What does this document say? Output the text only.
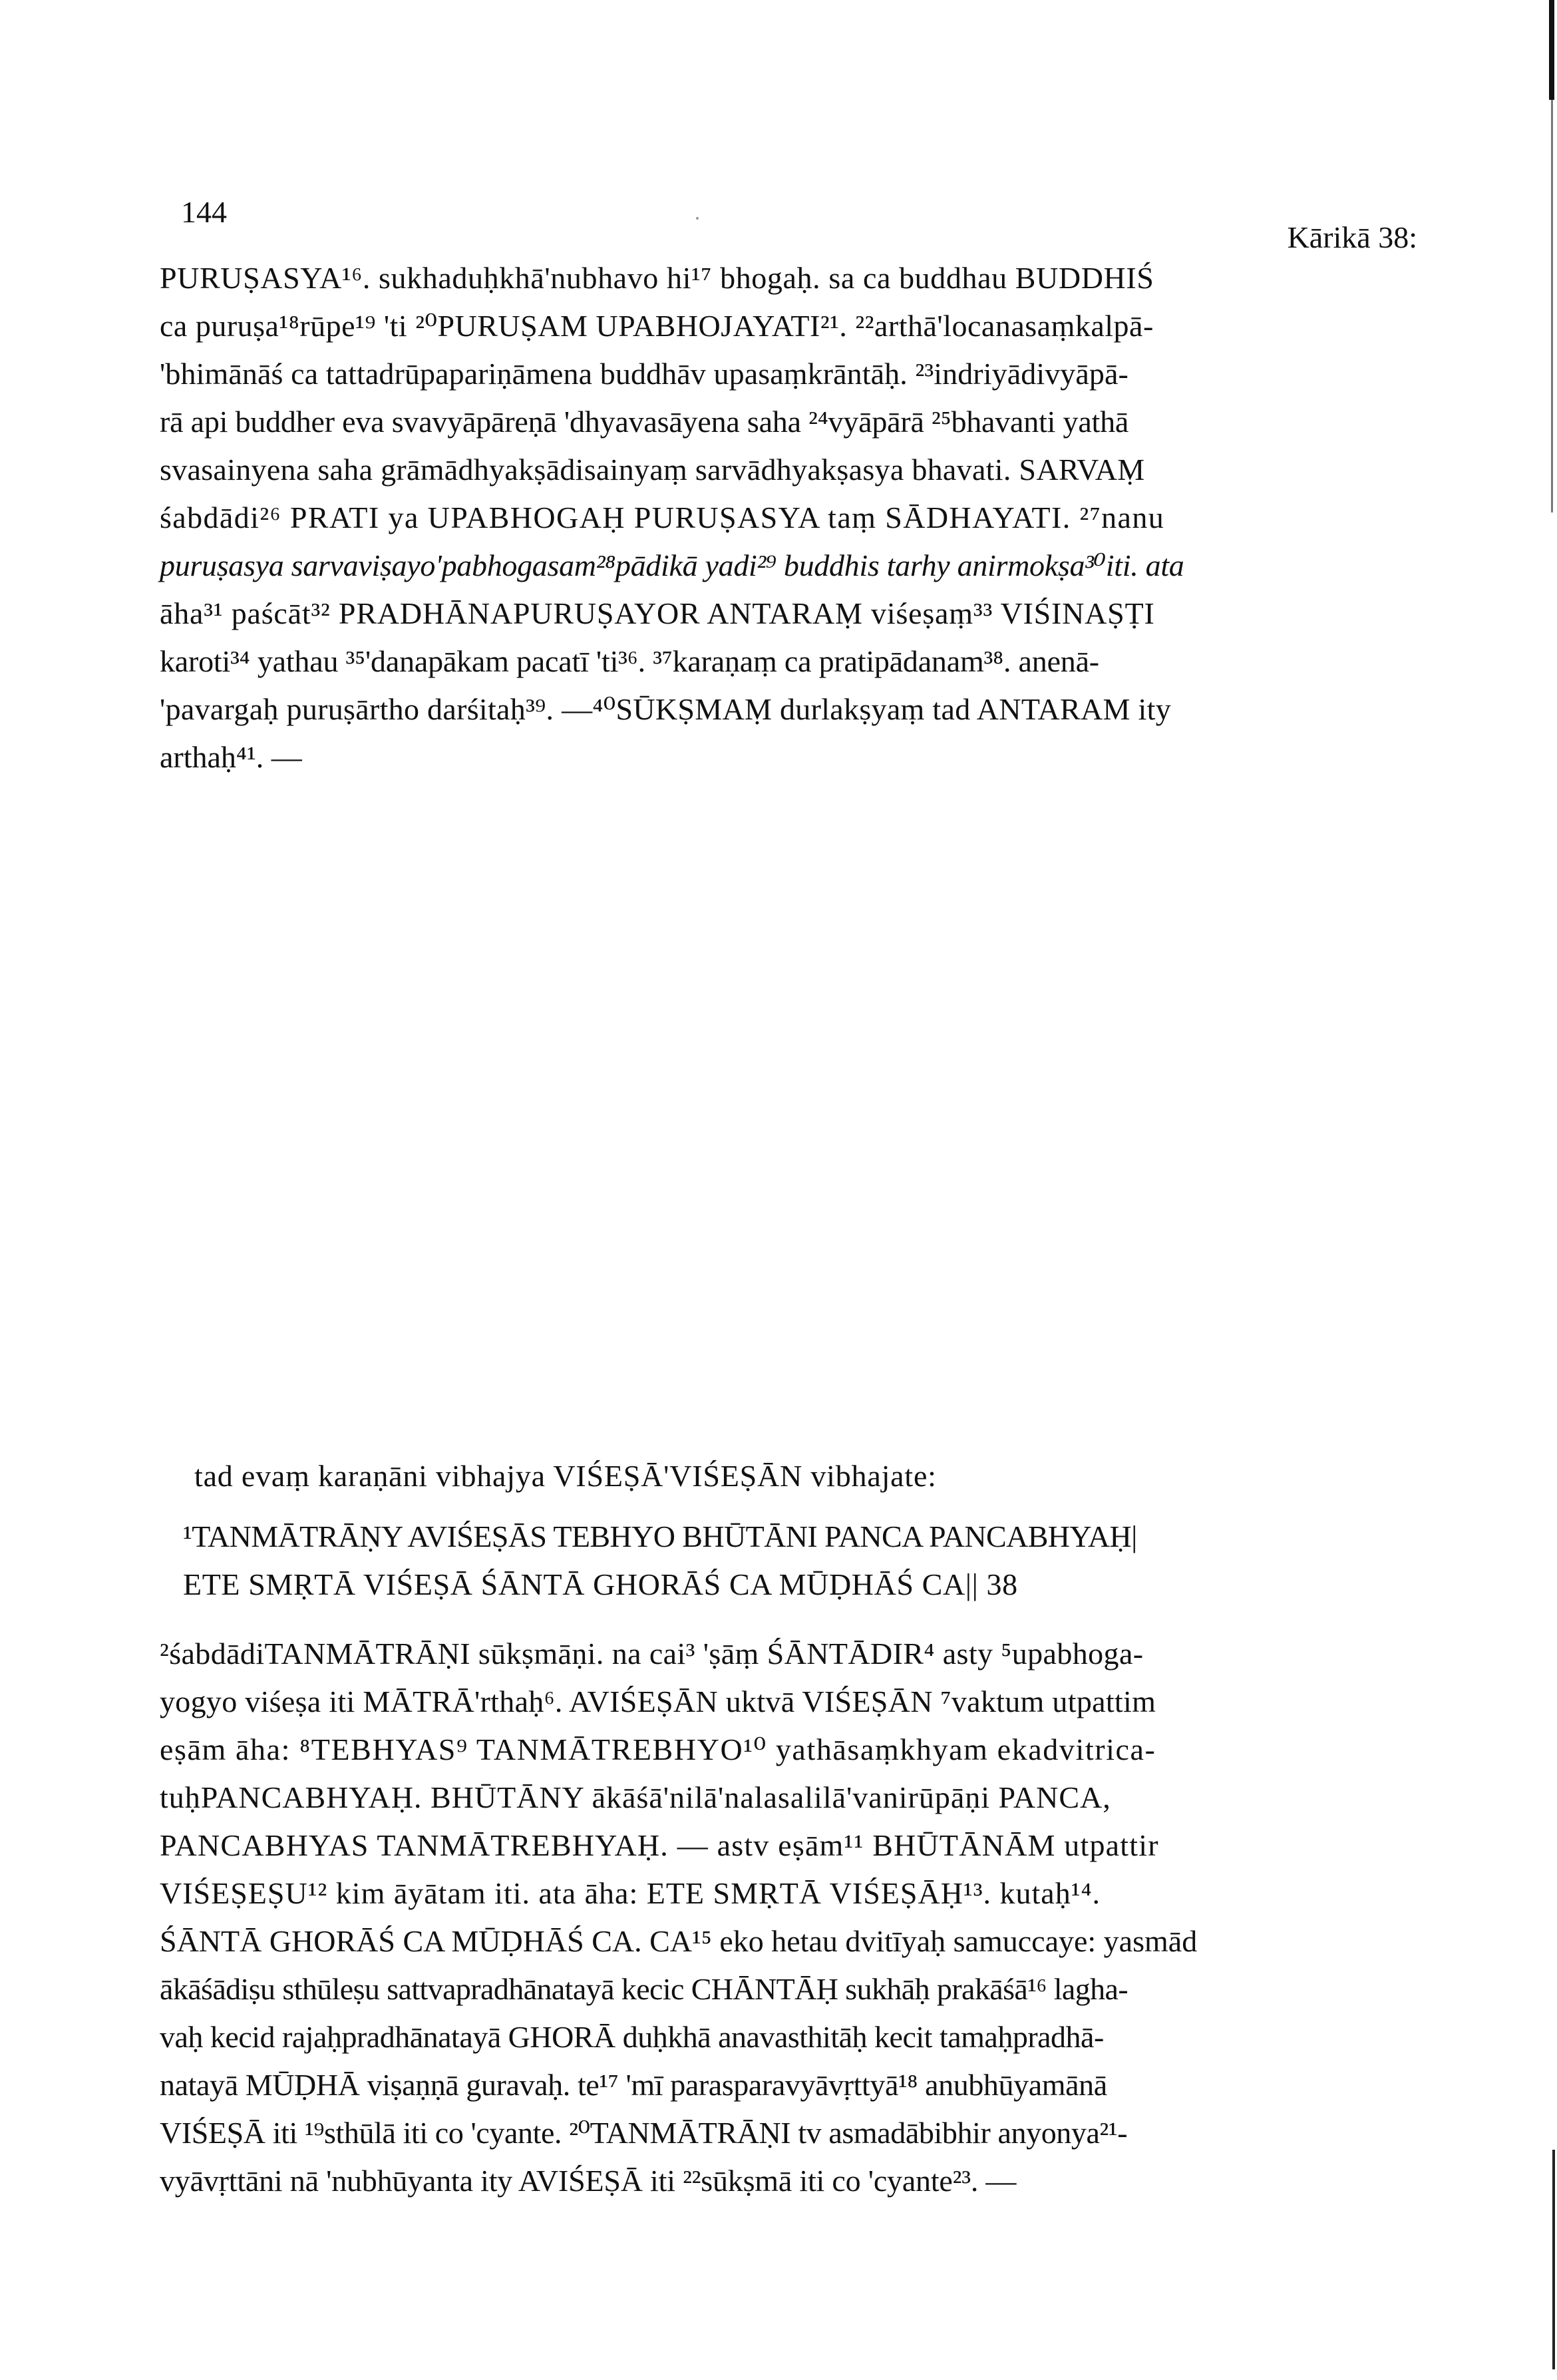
144
Kārikā 38:
PURUṢASYA¹⁶. sukhaduḥkhā'nubhavo hi¹⁷ bhogaḥ. sa ca buddhau BUDDHIŚ
ca puruṣa¹⁸rūpe¹⁹ 'ti ²⁰PURUṢAM UPABHOJAYATI²¹. ²²arthā'locanasaṃkalpā-
'bhimānāś ca tattadrūpapariṇāmena buddhāv upasaṃkrāntāḥ. ²³indriyādivyāpā-
rā api buddher eva svavyāpāreṇā 'dhyavasāyena saha ²⁴vyāpārā ²⁵bhavanti yathā
svasainyena saha grāmādhyakṣādisainyaṃ sarvādhyakṣasya bhavati. SARVAṂ
śabdādi²⁶ PRATI ya UPABHOGAḤ PURUṢASYA taṃ SĀDHAYATI. ²⁷nanu
puruṣasya sarvaviṣayo'pabhogasam²⁸pādikā yadi²⁹ buddhis tarhy anirmokṣa³⁰iti. ata
āha³¹ paścāt³² PRADHĀNAPURUṢAYOR ANTARAṂ viśeṣaṃ³³ VIŚINAṢṬI
karoti³⁴ yathau ³⁵'danapākam pacatī 'ti³⁶. ³⁷karaṇaṃ ca pratipādanam³⁸. anenā-
'pavargaḥ puruṣārtho darśitaḥ³⁹. —⁴⁰SŪKṢMAṂ durlakṣyaṃ tad ANTARAM ity
arthaḥ⁴¹. —
tad evaṃ karaṇāni vibhajya VIŚEṢĀ'VIŚEṢĀN vibhajate:
¹TANMĀTRĀṆY AVIŚEṢĀS TEBHYO BHŪTĀNI PANCA PANCABHYAḤ|
ETE SMṚTĀ VIŚEṢĀ ŚĀNTĀ GHORĀŚ CA MŪḌHĀŚ CA|| 38
²śabdādiTANMĀTRĀṆI sūkṣmāṇi. na cai³ 'ṣāṃ ŚĀNTĀDIR⁴ asty ⁵upabhoga-
yogyo viśeṣa iti MĀTRĀ'rthaḥ⁶. AVIŚEṢĀN uktvā VIŚEṢĀN ⁷vaktum utpattim
eṣām āha: ⁸TEBHYAS⁹ TANMĀTREBHYO¹⁰ yathāsaṃkhyam ekadvitrica-
tuḥPANCABHYAḤ. BHŪTĀNY ākāśā'nilā'nalasalilā'vanirūpāṇi PANCA,
PANCABHYAS TANMĀTREBHYAḤ. — astv eṣām¹¹ BHŪTĀNĀM utpattir
VIŚEṢEṢU¹² kim āyātam iti. ata āha: ETE SMṚTĀ VIŚEṢĀḤ¹³. kutaḥ¹⁴.
ŚĀNTĀ GHORĀŚ CA MŪḌHĀŚ CA. CA¹⁵ eko hetau dvitīyaḥ samuccaye: yasmād
ākāśādiṣu sthūleṣu sattvapradhānatayā kecic CHĀNTĀḤ sukhāḥ prakāśā¹⁶ lagha-
vaḥ kecid rajaḥpradhānatayā GHORĀ duḥkhā anavasthitāḥ kecit tamaḥpradhā-
natayā MŪḌHĀ viṣaṇṇā guravaḥ. te¹⁷ 'mī parasparavyāvṛttyā¹⁸ anubhūyamānā
VIŚEṢĀ iti ¹⁹sthūlā iti co 'cyante. ²⁰TANMĀTRĀṆI tv asmadābibhir anyonya²¹-
vyāvṛttāni nā 'nubhūyanta ity AVIŚEṢĀ iti ²²sūkṣmā iti co 'cyante²³. —
